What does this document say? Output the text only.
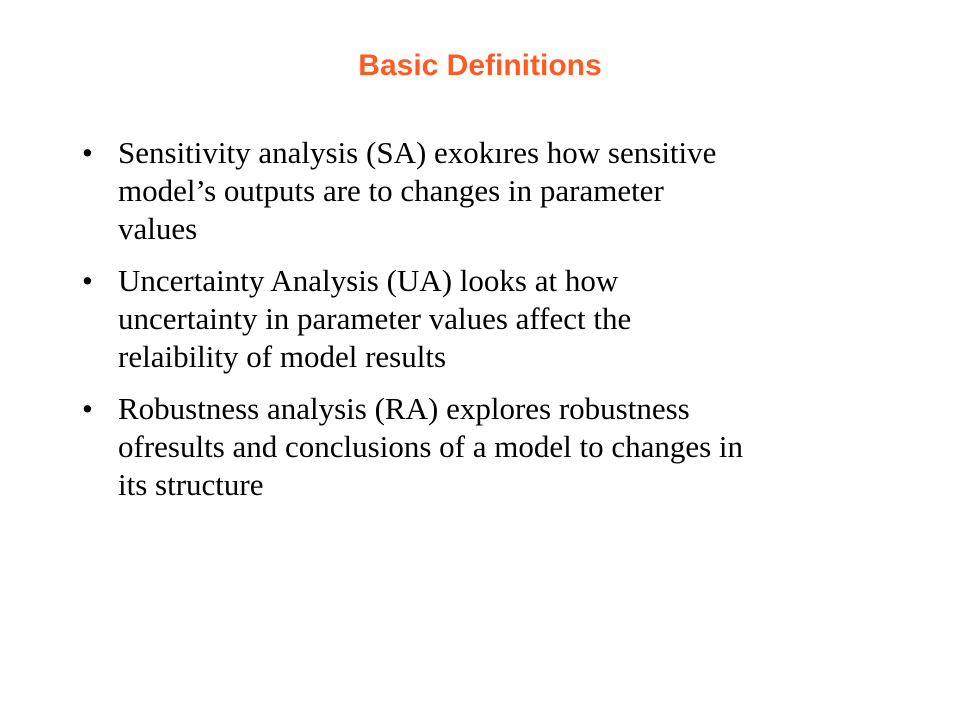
Basic Definitions
• Sensitivity analysis (SA) exokıres how sensitive
model’s outputs are to changes in parameter
values
• Uncertainty Analysis (UA) looks at how
uncertainty in parameter values affect the
relaibility of model results
• Robustness analysis (RA) explores robustness
ofresults and conclusions of a model to changes in
its structure
